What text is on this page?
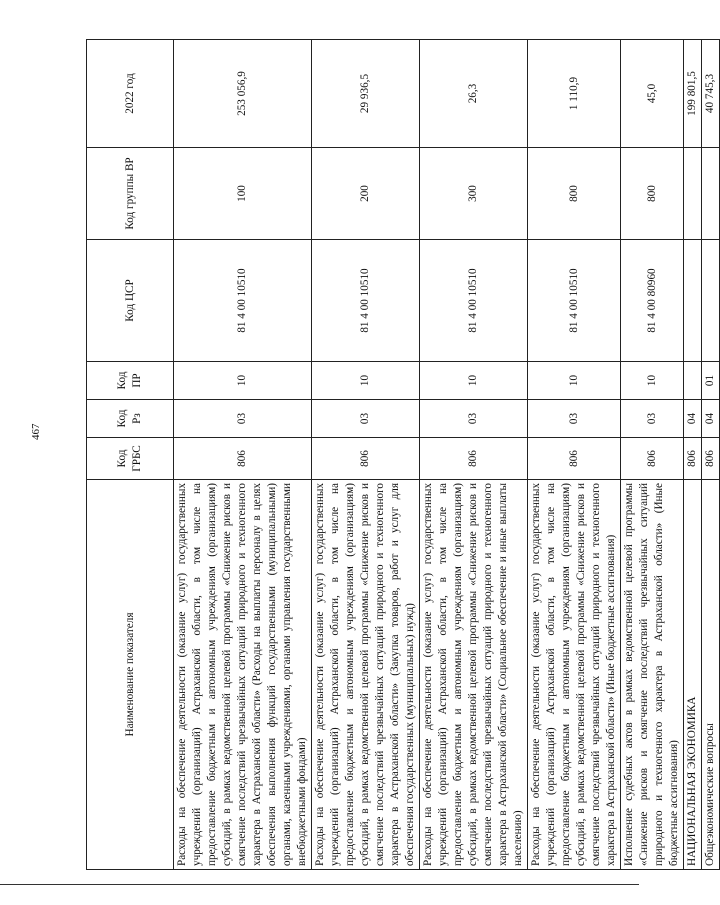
467
Наименование показателя	Код ГРБС	Код Рз	Код ПР	Код ЦСР	Код группы ВР	2022 год
Расходы на обеспечение деятельности (оказание услуг) государственных учреждений (организаций) Астраханской области, в том числе на предоставление бюджетным и автономным учреждениям (организациям) субсидий, в рамках ведомственной целевой программы «Снижение рисков и смягчение последствий чрезвычайных ситуаций природного и техногенного характера в Астраханской области» (Расходы на выплаты персоналу в целях обеспечения выполнения функций государственными (муниципальными) органами, казенными учреждениями, органами управления государственными внебюджетными фондами)	806	03	10	81 4 00 10510	100	253 056,9
Расходы на обеспечение деятельности (оказание услуг) государственных учреждений (организаций) Астраханской области, в том числе на предоставление бюджетным и автономным учреждениям (организациям) субсидий, в рамках ведомственной целевой программы «Снижение рисков и смягчение последствий чрезвычайных ситуаций природного и техногенного характера в Астраханской области» (Закупка товаров, работ и услуг для обеспечения государственных (муниципальных) нужд)	806	03	10	81 4 00 10510	200	29 936,5
Расходы на обеспечение деятельности (оказание услуг) государственных учреждений (организаций) Астраханской области, в том числе на предоставление бюджетным и автономным учреждениям (организациям) субсидий, в рамках ведомственной целевой программы «Снижение рисков и смягчение последствий чрезвычайных ситуаций природного и техногенного характера в Астраханской области» (Социальное обеспечение и иные выплаты населению)	806	03	10	81 4 00 10510	300	26,3
Расходы на обеспечение деятельности (оказание услуг) государственных учреждений (организаций) Астраханской области, в том числе на предоставление бюджетным и автономным учреждениям (организациям) субсидий, в рамках ведомственной целевой программы «Снижение рисков и смягчение последствий чрезвычайных ситуаций природного и техногенного характера в Астраханской области» (Иные бюджетные ассигнования)	806	03	10	81 4 00 10510	800	1 110,9
Исполнение судебных актов в рамках ведомственной целевой программы «Снижение рисков и смягчение последствий чрезвычайных ситуаций природного и техногенного характера в Астраханской области» (Иные бюджетные ассигнования)	806	03	10	81 4 00 80960	800	45,0
НАЦИОНАЛЬНАЯ ЭКОНОМИКА	806	04				199 801,5
Общеэкономические вопросы	806	04	01			40 745,3
